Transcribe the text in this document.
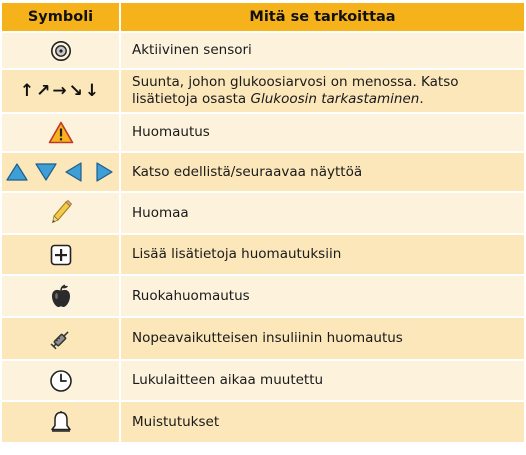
Symboli	Mitä se tarkoittaa
	Aktiivinen sensori
↑↗→↘↓	Suunta, johon glukoosiarvosi on menossa. Katso lisätietoja osasta Glukoosin tarkastaminen.
	Huomautus
	Katso edellistä/seuraavaa näyttöä
	Huomaa
	Lisää lisätietoja huomautuksiin
	Ruokahuomautus
	Nopeavaikutteisen insuliinin huomautus
	Lukulaitteen aikaa muutettu
	Muistutukset
